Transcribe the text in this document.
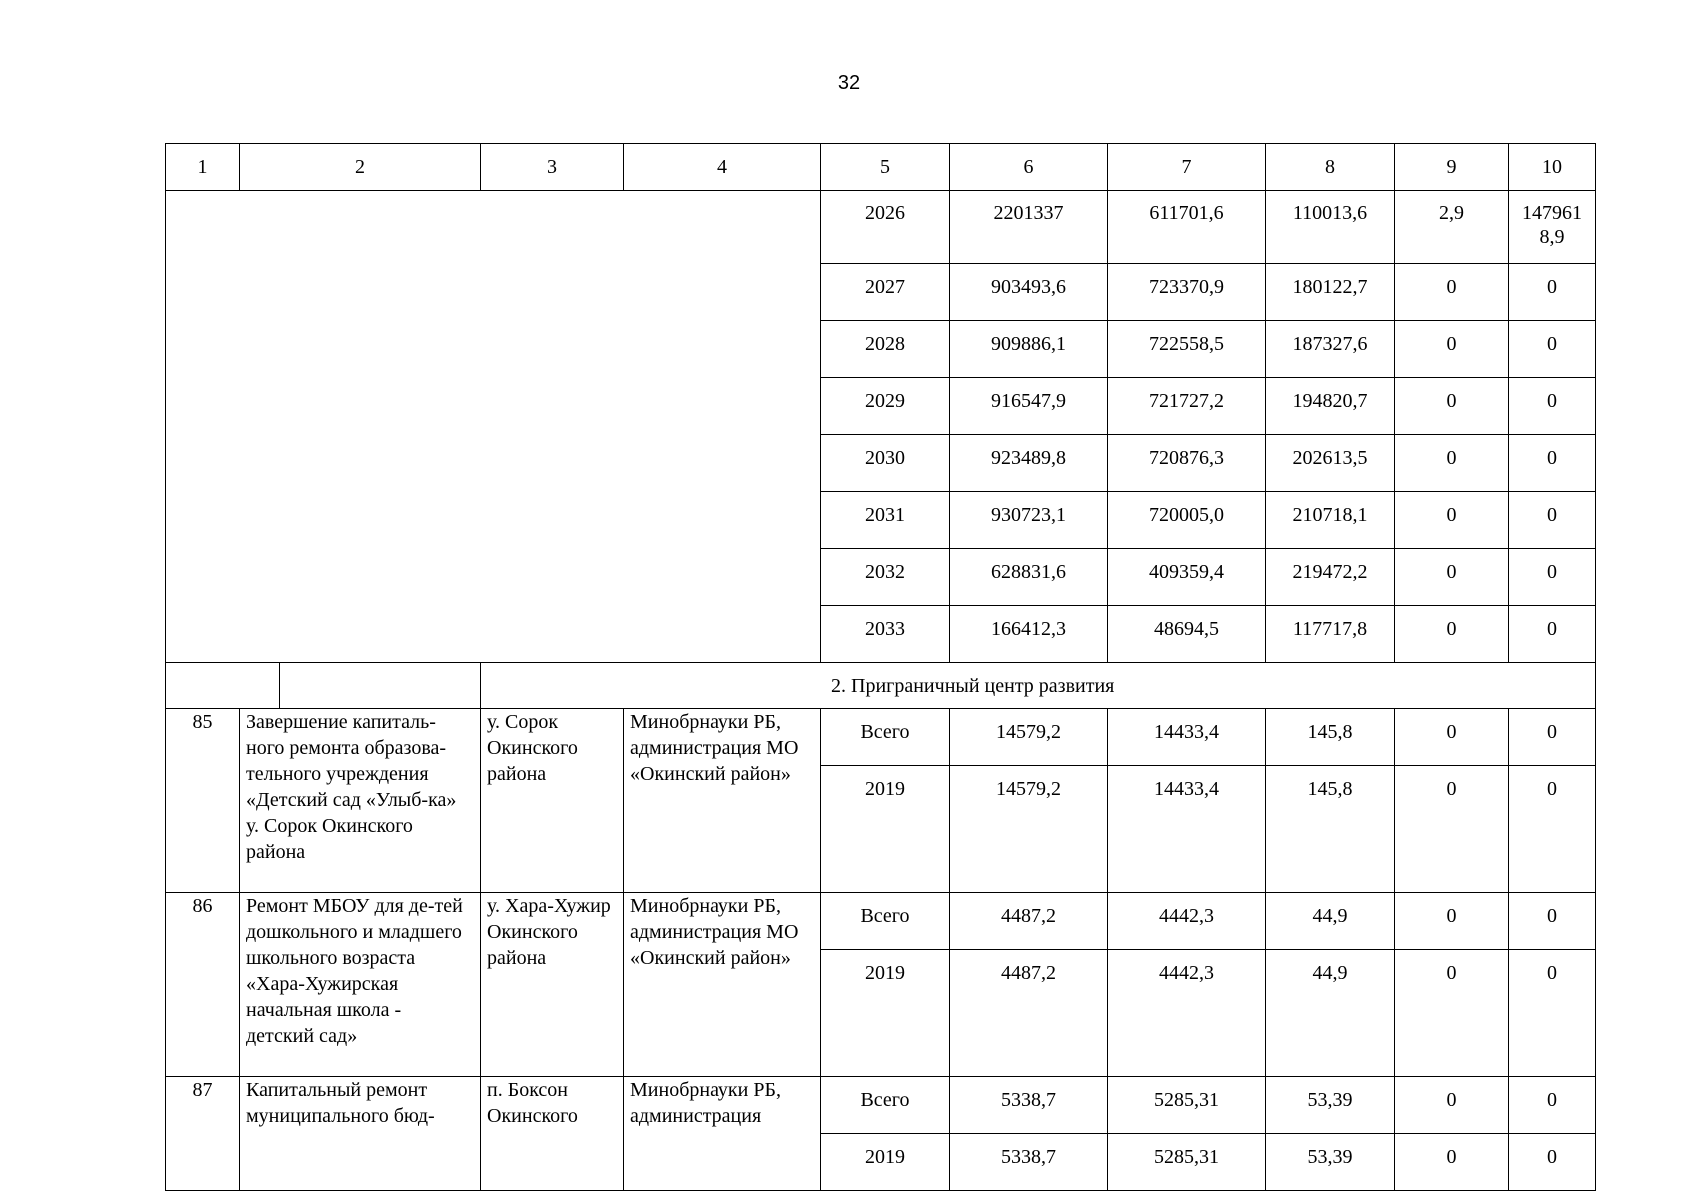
32
1	2	3	4	5	6	7	8	9	10
				2026	2201337	611701,6	110013,6	2,9	1479618,9
				2027	903493,6	723370,9	180122,7	0	0
				2028	909886,1	722558,5	187327,6	0	0
				2029	916547,9	721727,2	194820,7	0	0
				2030	923489,8	720876,3	202613,5	0	0
				2031	930723,1	720005,0	210718,1	0	0
				2032	628831,6	409359,4	219472,2	0	0
				2033	166412,3	48694,5	117717,8	0	0

		2. Приграничный центр развития							
85	Завершение капиталь-ного ремонта образова-тельного учреждения «Детский сад «Улыб-ка» у. Сорок Окинского района	у. Сорок Окинского района	Минобрнауки РБ, администрация МО «Окинский район»	Всего	14579,2	14433,4	145,8	0	0
				2019	14579,2	14433,4	145,8	0	0
86	Ремонт МБОУ для де-тей дошкольного и младшего школьного возраста «Хара-Хужирская начальная школа - детский сад»	у. Хара-Хужир Окинского района	Минобрнауки РБ, администрация МО «Окинский район»	Всего	4487,2	4442,3	44,9	0	0
				2019	4487,2	4442,3	44,9	0	0
87	Капитальный ремонт муниципального бюд-	п. Боксон Окинского	Минобрнауки РБ, администрация	Всего	5338,7	5285,31	53,39	0	0
				2019	5338,7	5285,31	53,39	0	0
